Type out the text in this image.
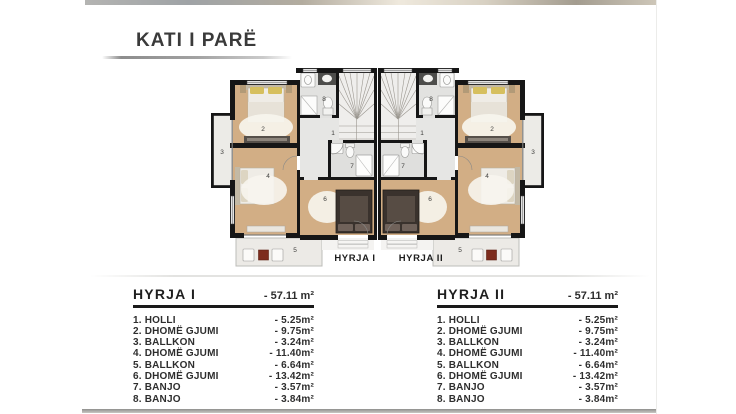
KATI I PARË
1
2
3
4
5
6
7
8
1
2
3
4
5
6
7
8
HYRJA I HYRJA II
HYRJA I	- 57.11 m²
1. HOLLI	- 5.25m²
2. DHOMË GJUMI	- 9.75m²
3. BALLKON	- 3.24m²
4. DHOMË GJUMI	- 11.40m²
5. BALLKON	- 6.64m²
6. DHOMË GJUMI	- 13.42m²
7. BANJO	- 3.57m²
8. BANJO	- 3.84m²
HYRJA II	- 57.11 m²
1. HOLLI	- 5.25m²
2. DHOMË GJUMI	- 9.75m²
3. BALLKON	- 3.24m²
4. DHOMË GJUMI	- 11.40m²
5. BALLKON	- 6.64m²
6. DHOMË GJUMI	- 13.42m²
7. BANJO	- 3.57m²
8. BANJO	- 3.84m²
